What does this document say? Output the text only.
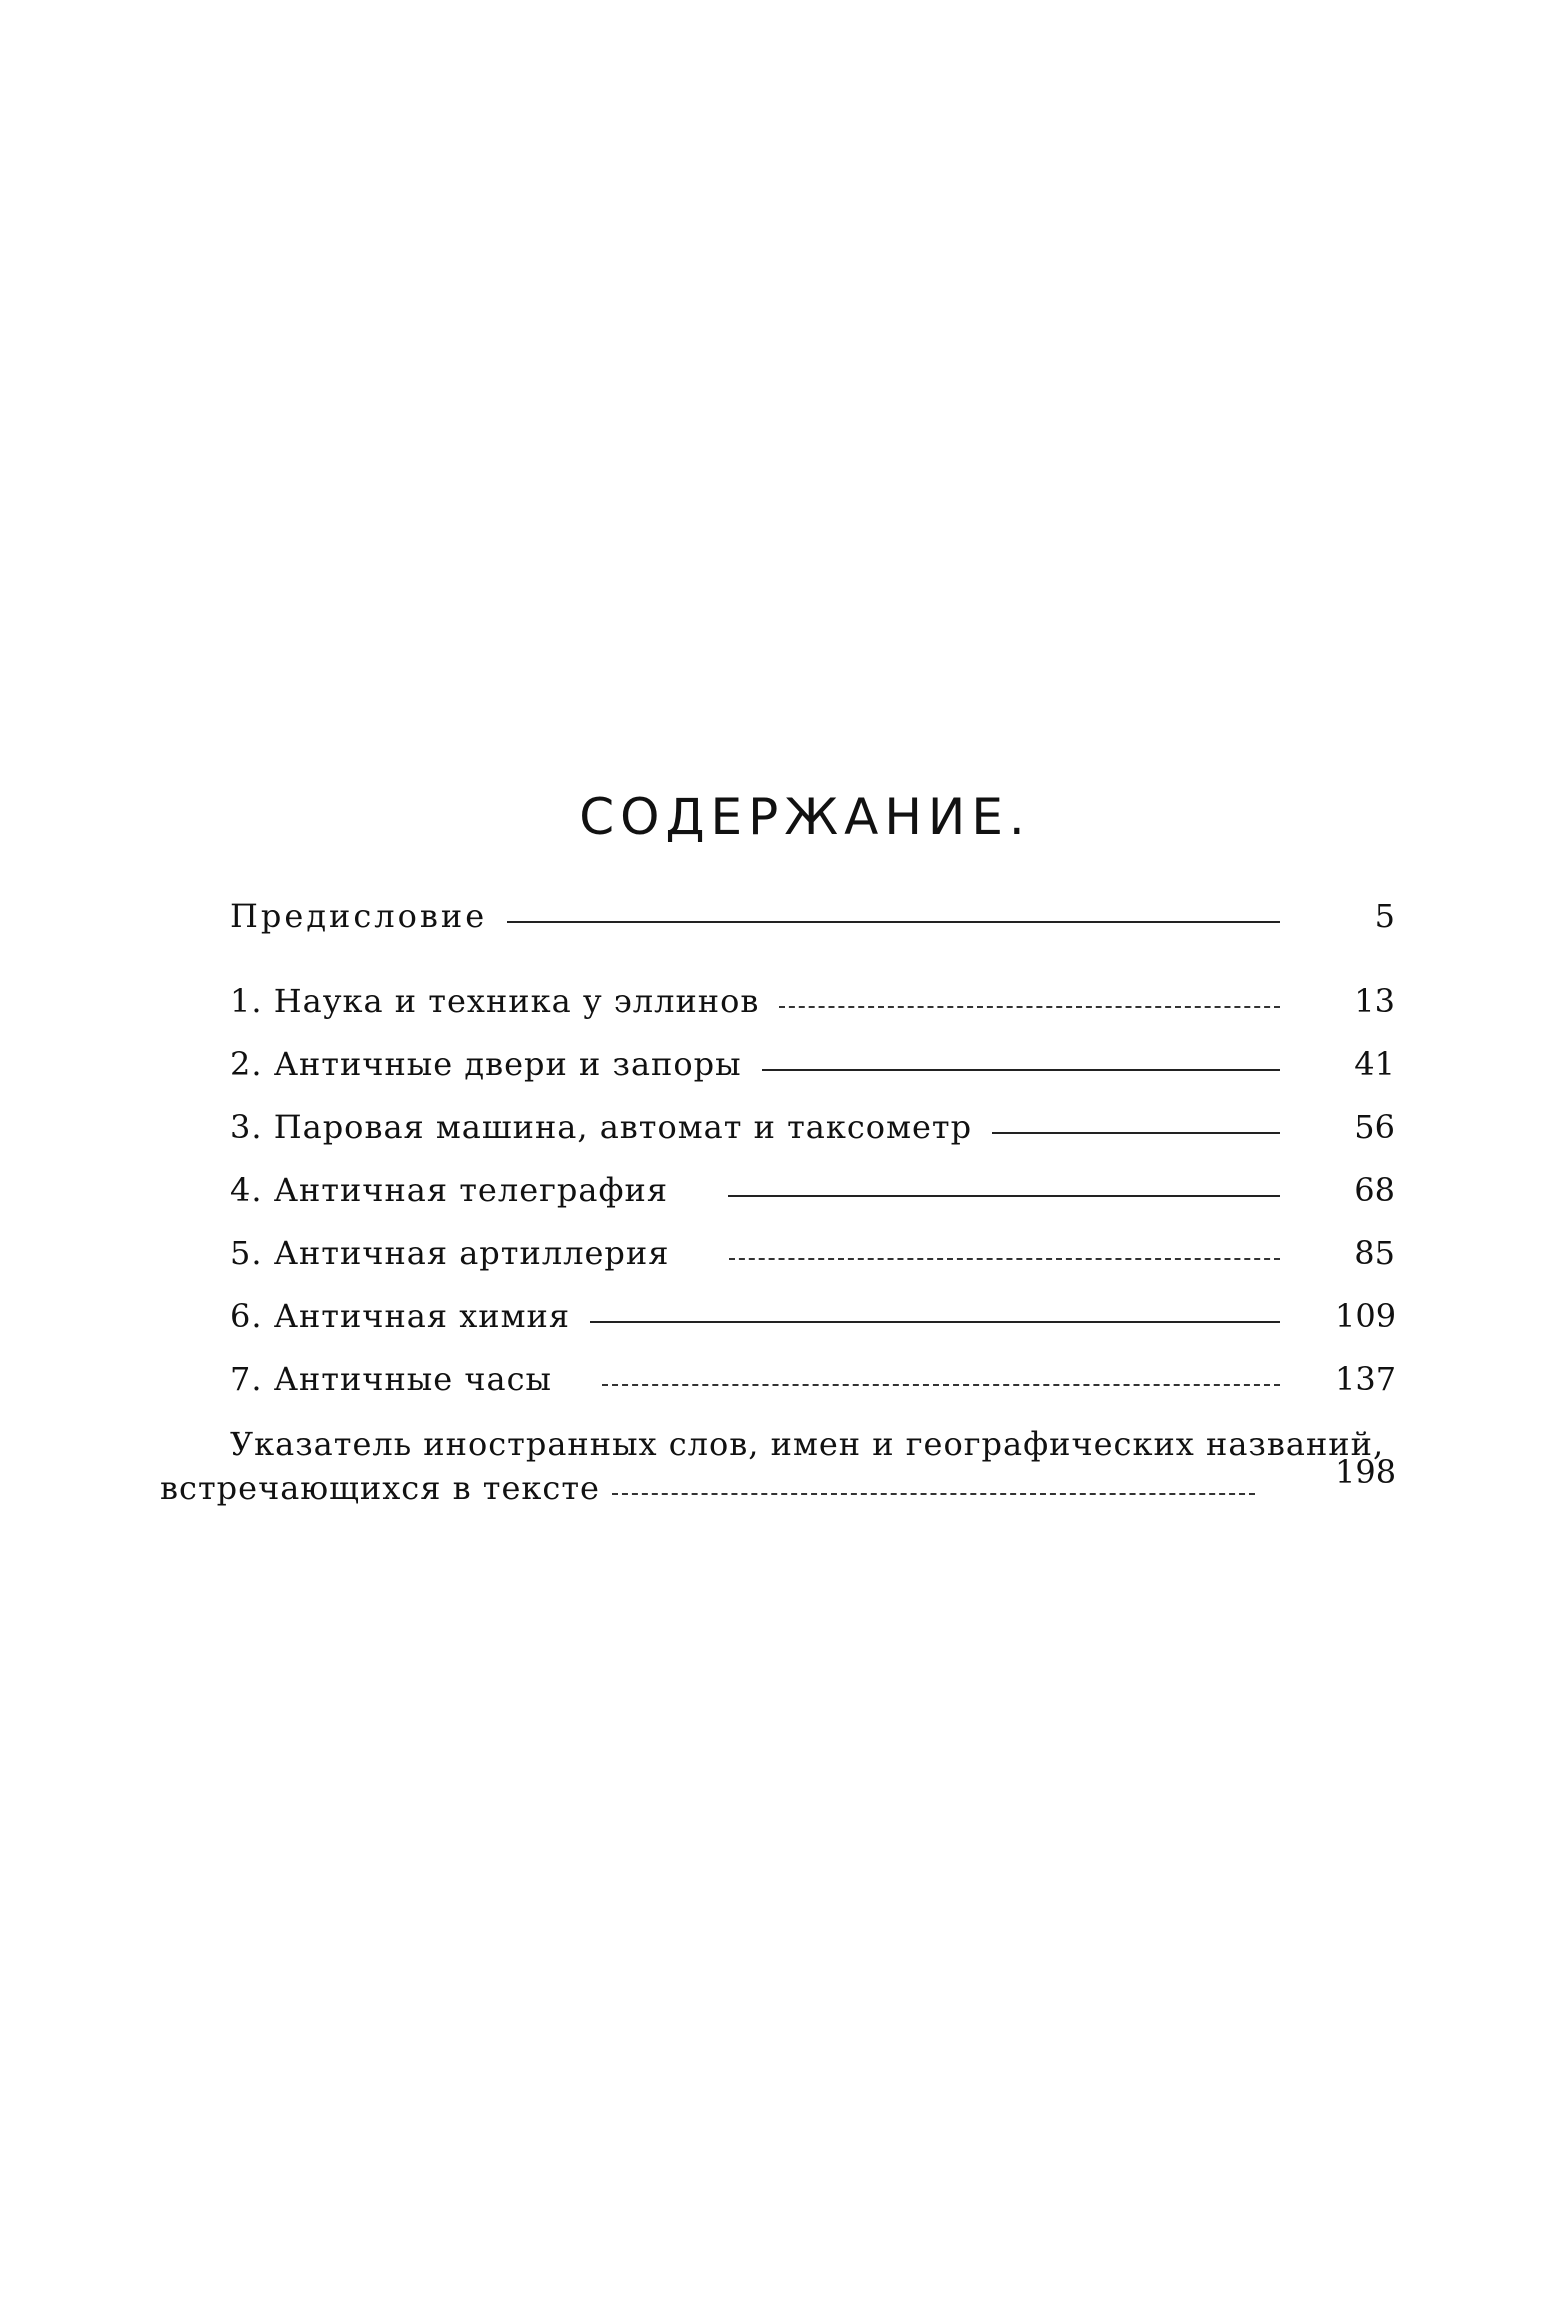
СОДЕРЖАНИЕ.
Предисловие	5
1. Наука и техника у эллинов	13
2. Античные двери и запоры	41
3. Паровая машина, автомат и таксометр	56
4. Античная телеграфия	68
5. Античная артиллерия	85
6. Античная химия	109
7. Античные часы	137
Указатель иностранных слов, имен и географических названий,
встречающихся в тексте	198
